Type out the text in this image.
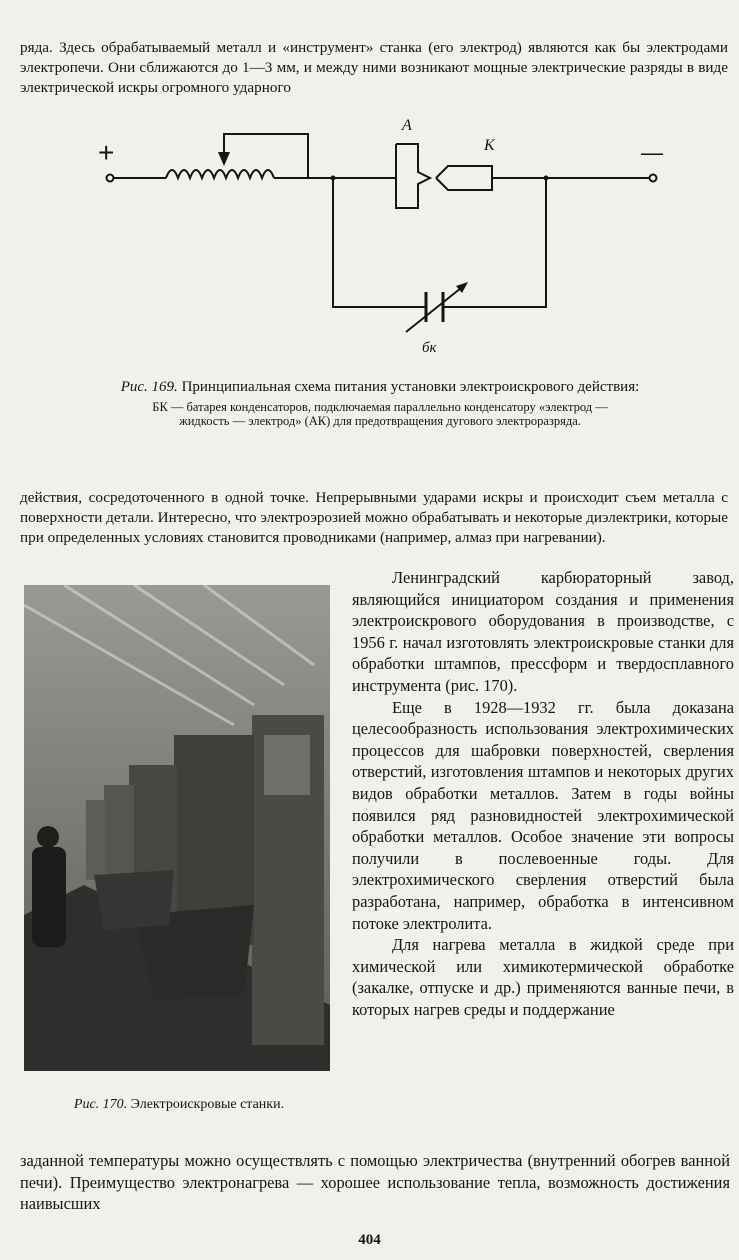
ряда. Здесь обрабатываемый металл и «инструмент» станка (его электрод) являются как бы электродами электропечи. Они сближаются до 1—3 мм, и между ними возникают мощные электрические разряды в виде электрической искры огромного ударного
+	—
А
К
бк
Рис. 169. Принципиальная схема питания установки электроискрового действия:
БК — батарея конденсаторов, подключаемая параллельно конденсатору «электрод — жидкость — электрод» (АК) для предотвращения дугового электроразряда.
действия, сосредоточенного в одной точке. Непрерывными ударами искры и происходит съем металла с поверхности детали. Интересно, что электроэрозией можно обрабатывать и некоторые диэлектрики, которые при определенных условиях становится проводниками (например, алмаз при нагревании).
Рис. 170. Электроискровые станки.

Ленинградский карбюраторный завод, являющийся инициатором создания и применения электроискрового оборудования в производстве, с 1956 г. начал изготовлять электроискровые станки для обработки штампов, прессформ и твердосплавного инструмента (рис. 170).

Еще в 1928—1932 гг. была доказана целесообразность использования электрохимических процессов для шабровки поверхностей, сверления отверстий, изготовления штампов и некоторых других видов обработки металлов. Затем в годы войны появился ряд разновидностей электрохимической обработки металлов. Особое значение эти вопросы получили в послевоенные годы. Для электрохимического сверления отверстий была разработана, например, обработка в интенсивном потоке электролита.

Для нагрева металла в жидкой среде при химической или химикотермической обработке (закалке, отпуске и др.) применяются ванные печи, в которых нагрев среды и поддержание

заданной температуры можно осуществлять с помощью электричества (внутренний обогрев ванной печи). Преимущество электронагрева — хорошее использование тепла, возможность достижения наивысших
404
